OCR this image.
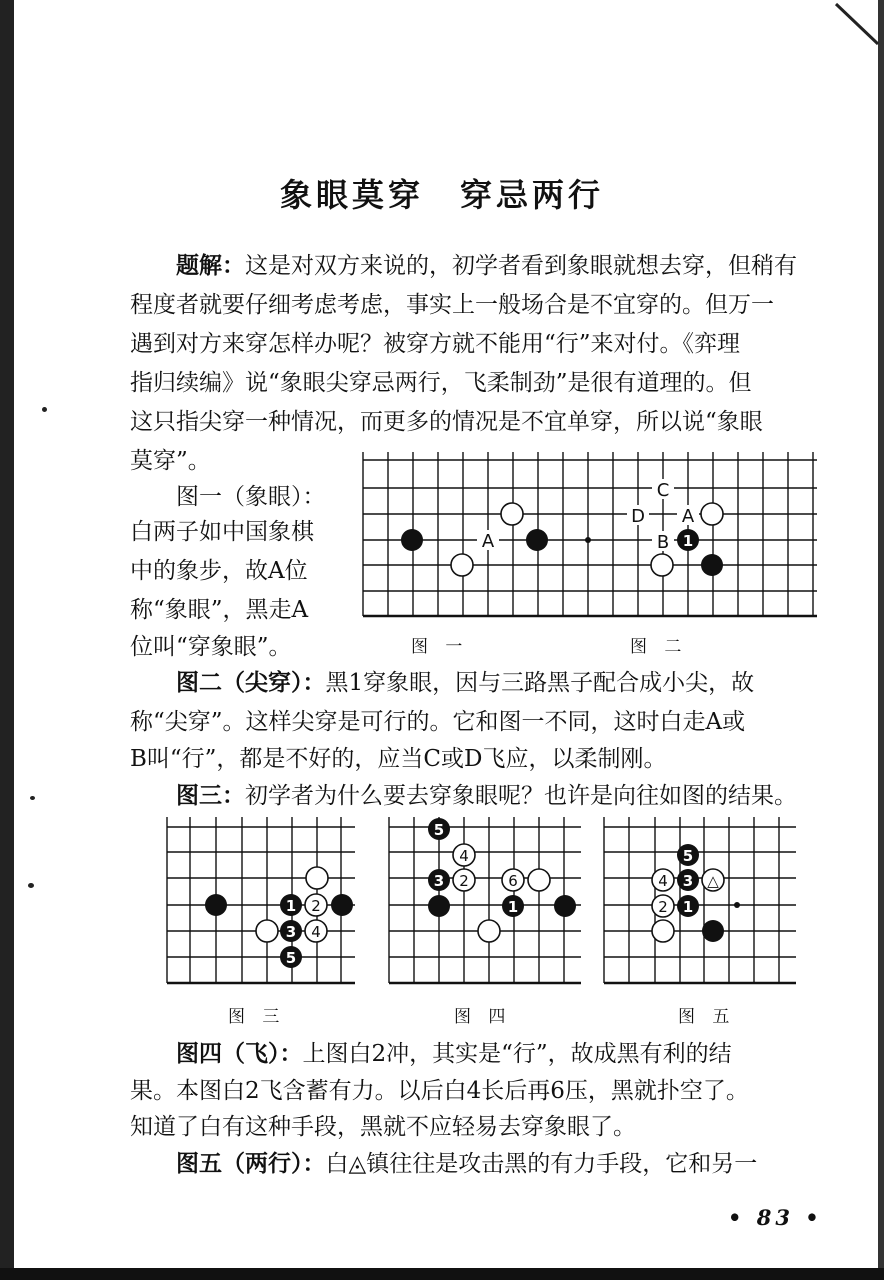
象眼莫穿　穿忌两行
题解：这是对双方来说的，初学者看到象眼就想去穿，但稍有
程度者就要仔细考虑考虑，事实上一般场合是不宜穿的。但万一
遇到对方来穿怎样办呢？被穿方就不能用“行”来对付。《弈理
指归续编》说“象眼尖穿忌两行，飞柔制劲”是很有道理的。但
这只指尖穿一种情况，而更多的情况是不宜单穿，所以说“象眼
莫穿”。
图一（象眼）：
白两子如中国象棋
中的象步，故A位
称“象眼”，黑走A
位叫“穿象眼”。
A
C
D A
B 1
图 一	图 二
图二（尖穿）：黑1穿象眼，因与三路黑子配合成小尖，故
称“尖穿”。这样尖穿是可行的。它和图一不同，这时白走A或
B叫“行”，都是不好的，应当C或D飞应，以柔制刚。
图三：初学者为什么要去穿象眼呢？也许是向往如图的结果。
1 2
3 4
5
5
4
3 2	6
1
5
4 3 △
2 1
图 三	图 四	图 五
图四（飞）：上图白2冲，其实是“行”，故成黑有利的结
果。本图白2飞含蓄有力。以后白4长后再6压，黑就扑空了。
知道了白有这种手段，黑就不应轻易去穿象眼了。
图五（两行）：白◬镇往往是攻击黑的有力手段，它和另一
• 83 •
